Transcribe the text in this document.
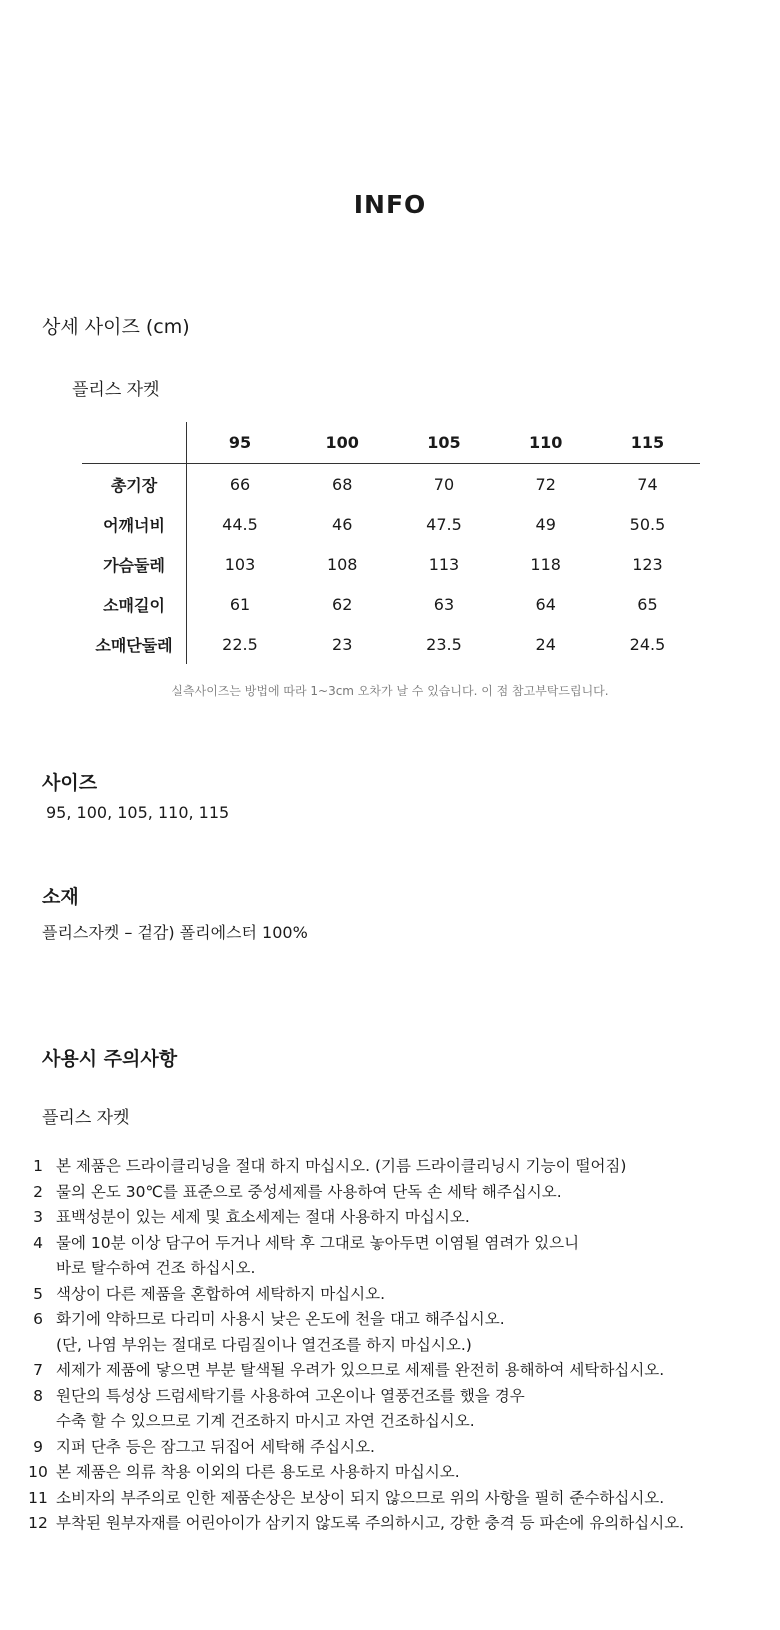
INFO
상세 사이즈 (cm)
플리스 자켓
	95	100	105	110	115
총기장	66	68	70	72	74
어깨너비	44.5	46	47.5	49	50.5
가슴둘레	103	108	113	118	123
소매길이	61	62	63	64	65
소매단둘레	22.5	23	23.5	24	24.5
실측사이즈는 방법에 따라 1~3cm 오차가 날 수 있습니다. 이 점 참고부탁드립니다.
사이즈
95, 100, 105, 110, 115
소재
플리스자켓 – 겉감) 폴리에스터 100%
사용시 주의사항
플리스 자켓
1 본 제품은 드라이클리닝을 절대 하지 마십시오. (기름 드라이클리닝시 기능이 떨어짐)
2 물의 온도 30℃를 표준으로 중성세제를 사용하여 단독 손 세탁 해주십시오.
3 표백성분이 있는 세제 및 효소세제는 절대 사용하지 마십시오.
4 물에 10분 이상 담구어 두거나 세탁 후 그대로 놓아두면 이염될 염려가 있으니
바로 탈수하여 건조 하십시오.
5 색상이 다른 제품을 혼합하여 세탁하지 마십시오.
6 화기에 약하므로 다리미 사용시 낮은 온도에 천을 대고 해주십시오.
(단, 나염 부위는 절대로 다림질이나 열건조를 하지 마십시오.)
7 세제가 제품에 닿으면 부분 탈색될 우려가 있으므로 세제를 완전히 용해하여 세탁하십시오.
8 원단의 특성상 드럼세탁기를 사용하여 고온이나 열풍건조를 했을 경우
수축 할 수 있으므로 기계 건조하지 마시고 자연 건조하십시오.
9 지퍼 단추 등은 잠그고 뒤집어 세탁해 주십시오.
10 본 제품은 의류 착용 이외의 다른 용도로 사용하지 마십시오.
11 소비자의 부주의로 인한 제품손상은 보상이 되지 않으므로 위의 사항을 필히 준수하십시오.
12 부착된 원부자재를 어린아이가 삼키지 않도록 주의하시고, 강한 충격 등 파손에 유의하십시오.
